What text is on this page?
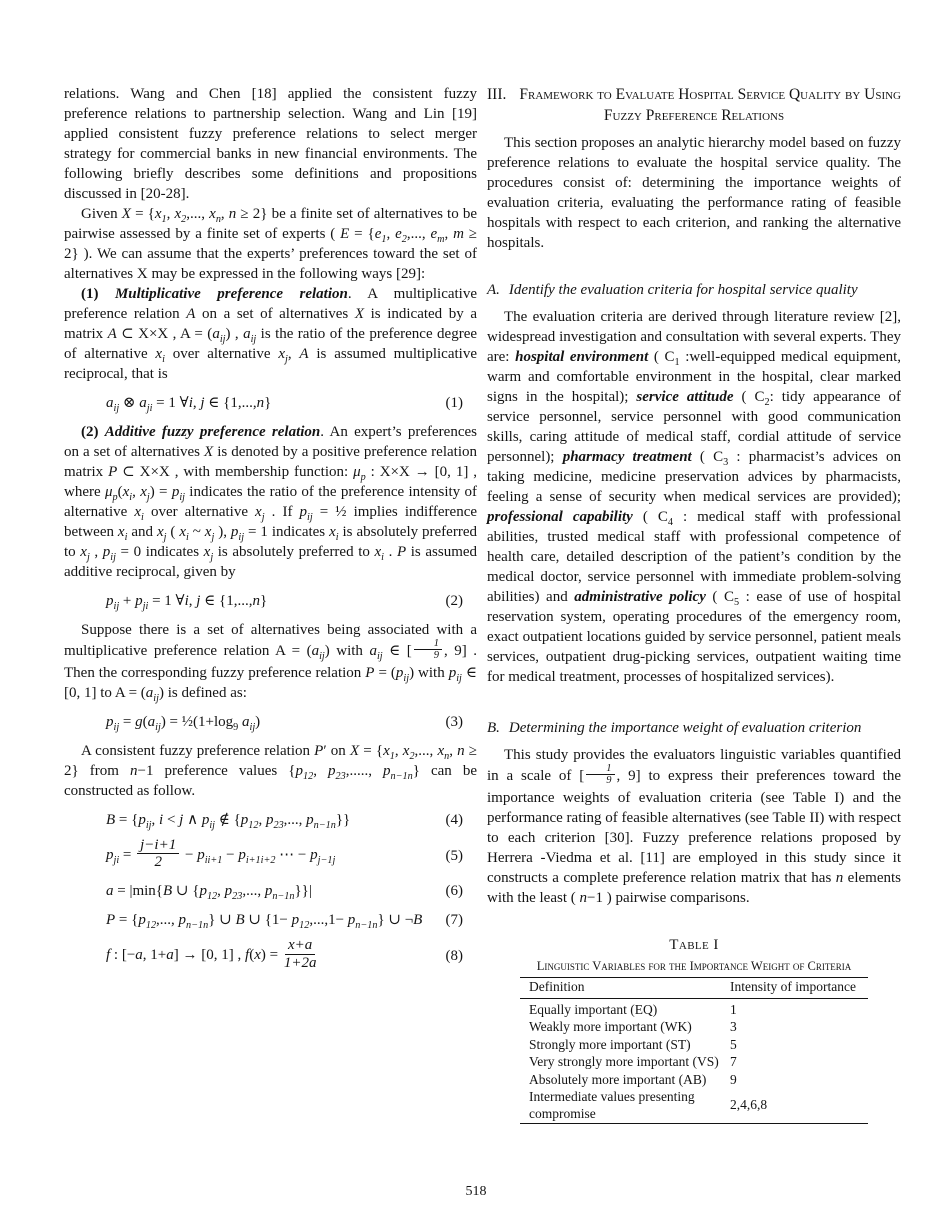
relations. Wang and Chen [18] applied the consistent fuzzy preference relations to partnership selection. Wang and Lin [19] applied consistent fuzzy preference relations to select merger strategy for commercial banks in new financial environments. The following briefly describes some definitions and propositions discussed in [20-28].

Given $X = \{x_1$, $x_2$,..., $x_n$, n ≥ 2} be a finite set of alternatives to be pairwise assessed by a finite set of experts ( $E = \{e_1$, $e_2$,..., $e_m$, m ≥ 2} ). We can assume that the experts’ preferences toward the set of alternatives X may be expressed in the following ways [29]:

(1) Multiplicative preference relation. A multiplicative preference relation A on a set of alternatives X is indicated by a matrix A ⊂ X×X , $A = (a_{ij})$ , $a_{ij}$ is the ratio of the preference degree of alternative $x_i$ over alternative $x_j$, A is assumed multiplicative reciprocal, that is

$a_{ij}$ ⊗ $a_{ji} = 1$ ∀i, j ∈ {1,...,n}	(1)

(2) Additive fuzzy preference relation. An expert’s preferences on a set of alternatives X is denoted by a positive preference relation matrix P ⊂ X×X , with membership function: $\mu_p$ : X×X → [0, 1] , where $\mu_p(x_i$, $x_j) = p_{ij}$ indicates the ratio of the preference intensity of alternative $x_i$ over alternative $x_j$ . If $p_{ij}$ = ½ implies indifference between $x_i$ and $x_j$ ( $x_i$ ~ $x_j$ ), $p_{ij} = 1$ indicates $x_i$ is absolutely preferred to $x_j$ , $p_{ij} = 0$ indicates $x_j$ is absolutely preferred to $x_i$ . P is assumed additive reciprocal, given by

$p_{ij} + p_{ji} = 1$ ∀i, j ∈ {1,...,n}	(2)

Suppose there is a set of alternatives being associated with a multiplicative preference relation $A = (a_{ij})$ with $a_{ij}$ ∈ [ $\frac{1}{9}$ , 9] . Then the corresponding fuzzy preference relation $P = (p_{ij})$ with $p_{ij}$ ∈ [0, 1] to $A = (a_{ij})$ is defined as:

$p_{ij} = g(a_{ij})$ = $\frac{1}{2}(1+\log_9$ $a_{ij}$)	(3)

A consistent fuzzy preference relation P′ on $X = \{x_1$, $x_2$,..., $x_n$, n ≥ 2} from n−1 preference values {$p_{12}$, $p_{23}$,....., $p_{n-1n}$} can be constructed as follow.

$B = \{p_{ij}$, i < j ∧ $p_{ij}$ ∉ {$p_{12}$, $p_{23}$,..., $p_{n-1n}$}}	(4)
$p_{ji} = \frac{j-i+1}{2} - p_{ii+1} - p_{i+1i+2}$ ⋯ − $p_{j-1j}$	(5)
a = |min{B ∪ {$p_{12}$, $p_{23}$,..., $p_{n-1n}\}\}|$	(6)
$P = \{p_{12}$,..., $p_{n-1n}$} ∪ B ∪ $\{1- p_{12},...,1- p_{n-1n}\}$ ∪ ¬B	(7)
f : [−a, 1+a] → [0, 1] , $f(x) = \frac{x+a}{1+2a}$	(8)
III. Framework to Evaluate Hospital Service Quality by Using Fuzzy Preference Relations

This section proposes an analytic hierarchy model based on fuzzy preference relations to evaluate the hospital service quality. The procedures consist of: determining the importance weights of evaluation criteria, evaluating the performance rating of feasible hospitals with respect to each criterion, and ranking the alternative hospitals.

A. Identify the evaluation criteria for hospital service quality

The evaluation criteria are derived through literature review [2], widespread investigation and consultation with several experts. They are: hospital environment ( $C_1$ :well-equipped medical equipment, warm and comfortable environment in the hospital, clear marked signs in the hospital); service attitude ( $C_2$: tidy appearance of service personnel, service personnel with good communication skills, caring attitude of medical staff, cordial attitude of service personnel); pharmacy treatment ( $C_3$ : pharmacist’s advices on taking medicine, medicine preservation advices by pharmacists, feeling a sense of security when medical services are provided); professional capability ( $C_4$ : medical staff with professional abilities, trusted medical staff with professional competence of health care, detailed description of the patient’s condition by the medical doctor, service personnel with immediate problem-solving abilities) and administrative policy ( $C_5$ : ease of use of hospital reservation system, operating procedures of the emergency room, exact outpatient locations guided by service personnel, patient meals services, outpatient drug-picking services, outpatient waiting time for medical treatment, processes of hospitalized services).

B. Determining the importance weight of evaluation criterion

This study provides the evaluators linguistic variables quantified in a scale of [ $\frac{1}{9}$ , 9] to express their preferences toward the importance weights of evaluation criteria (see Table I) and the performance rating of feasible alternatives (see Table II) with respect to each criterion [30]. Fuzzy preference relations proposed by Herrera -Viedma et al. [11] are employed in this study since it constructs a complete preference relation matrix that has n elements with the least ( n−1 ) pairwise comparisons.

Table I
Linguistic Variables for the Importance Weight of Criteria
Definition	Intensity of importance
Equally important (EQ)	1
Weakly more important (WK)	3
Strongly more important (ST)	5
Very strongly more important (VS)	7
Absolutely more important (AB)	9
Intermediate values presenting compromise	2,4,6,8
518
